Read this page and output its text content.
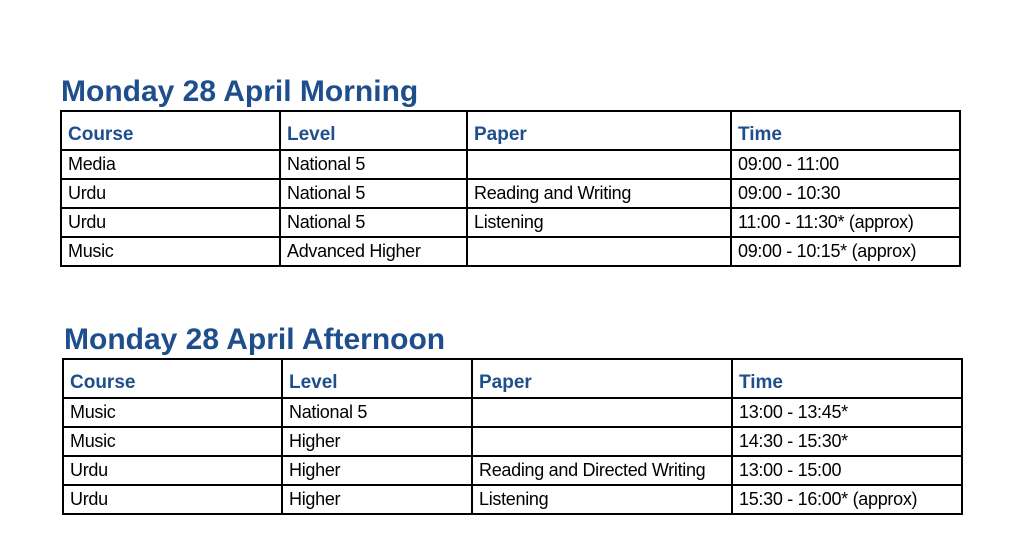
Monday 28 April Morning
Course	Level	Paper	Time
Media	National 5		09:00 - 11:00
Urdu	National 5	Reading and Writing	09:00 - 10:30
Urdu	National 5	Listening	11:00 - 11:30* (approx)
Music	Advanced Higher		09:00 - 10:15* (approx)
Monday 28 April Afternoon
Course	Level	Paper	Time
Music	National 5		13:00 - 13:45*
Music	Higher		14:30 - 15:30*
Urdu	Higher	Reading and Directed Writing	13:00 - 15:00
Urdu	Higher	Listening	15:30 - 16:00* (approx)
